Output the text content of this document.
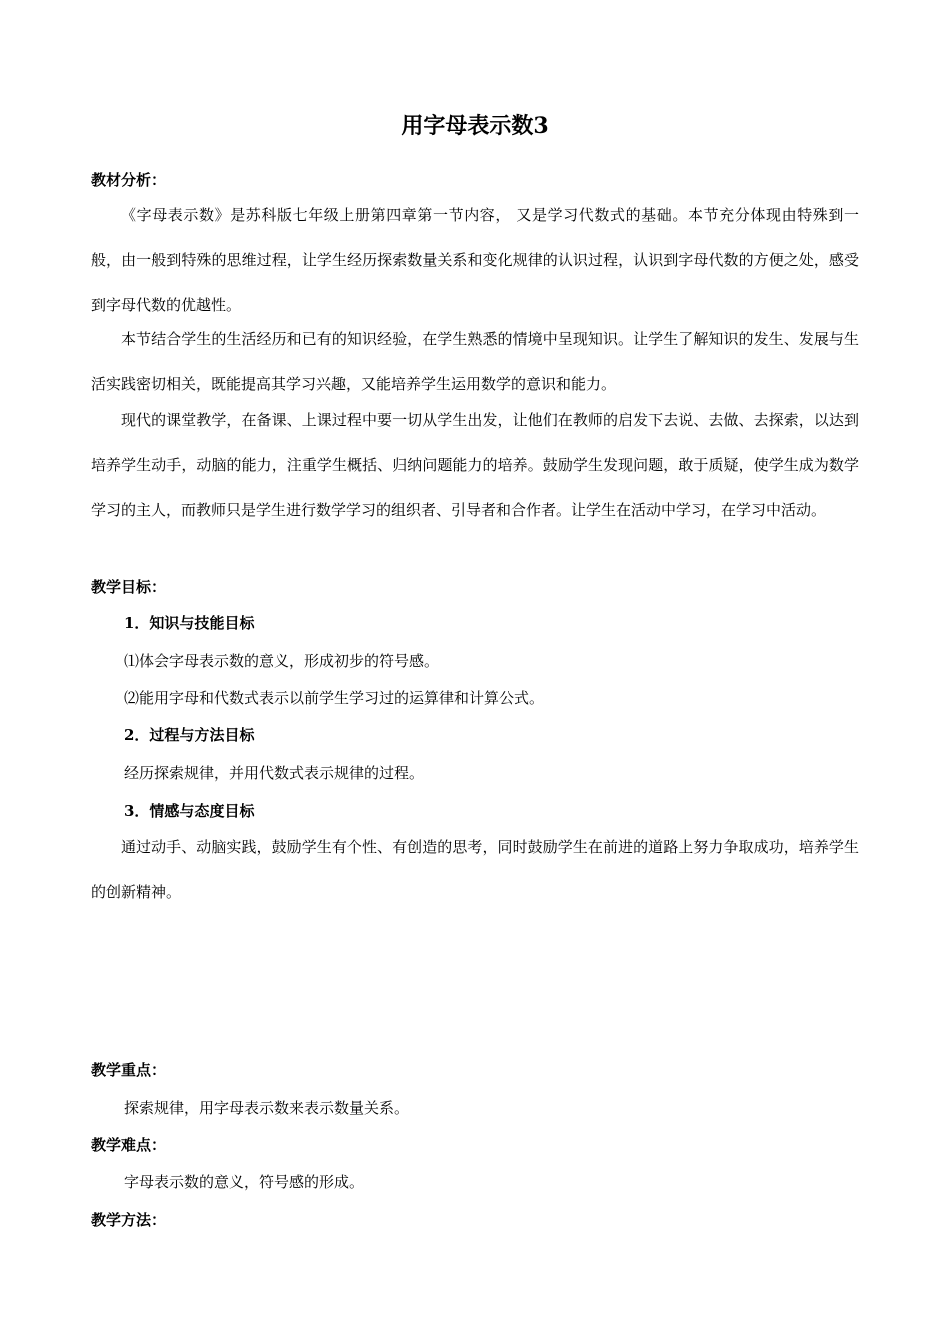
用字母表示数3
教材分析：
《字母表示数》是苏科版七年级上册第四章第一节内容， 又是学习代数式的基础。本节充分体现由特殊到一般，由一般到特殊的思维过程，让学生经历探索数量关系和变化规律的认识过程，认识到字母代数的方便之处，感受到字母代数的优越性。
本节结合学生的生活经历和已有的知识经验，在学生熟悉的情境中呈现知识。让学生了解知识的发生、发展与生活实践密切相关，既能提高其学习兴趣，又能培养学生运用数学的意识和能力。
现代的课堂教学，在备课、上课过程中要一切从学生出发，让他们在教师的启发下去说、去做、去探索，以达到培养学生动手，动脑的能力，注重学生概括、归纳问题能力的培养。鼓励学生发现问题，敢于质疑，使学生成为数学学习的主人，而教师只是学生进行数学学习的组织者、引导者和合作者。让学生在活动中学习，在学习中活动。
教学目标：
1．知识与技能目标
⑴体会字母表示数的意义，形成初步的符号感。
⑵能用字母和代数式表示以前学生学习过的运算律和计算公式。
2．过程与方法目标
经历探索规律，并用代数式表示规律的过程。
3．情感与态度目标
通过动手、动脑实践，鼓励学生有个性、有创造的思考，同时鼓励学生在前进的道路上努力争取成功，培养学生的创新精神。
教学重点：
探索规律，用字母表示数来表示数量关系。
教学难点：
字母表示数的意义，符号感的形成。
教学方法：
